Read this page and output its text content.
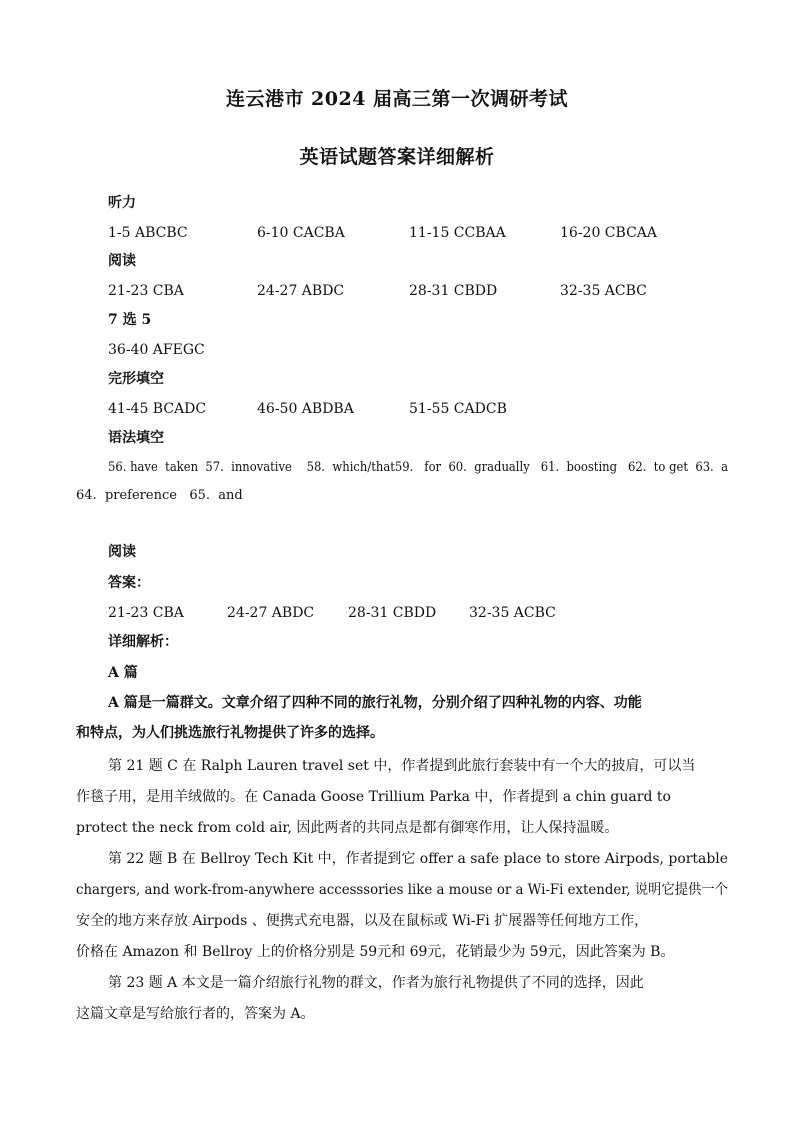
连云港市 2024 届高三第一次调研考试
英语试题答案详细解析
听力
1-5 ABCBC	6-10 CACBA	11-15 CCBAA	16-20 CBCAA
阅读
21-23 CBA	24-27 ABDC	28-31 CBDD	32-35 ACBC
7 选 5
36-40 AFEGC
完形填空
41-45 BCADC	46-50 ABDBA	51-55 CADCB
语法填空
56. have  taken  57.  innovative    58.  which/that59.   for  60.  gradually   61.  boosting   62.  to get  63.  a
64.  preference   65.  and
阅读
答案：
21-23 CBA	24-27 ABDC 28-31 CBDD 32-35 ACBC
详细解析：
A 篇
A 篇是一篇群文。文章介绍了四种不同的旅行礼物，分别介绍了四种礼物的内容、功能
和特点，为人们挑选旅行礼物提供了许多的选择。
第 21 题 C 在 Ralph Lauren travel set 中，作者提到此旅行套装中有一个大的披肩，可以当
作毯子用，是用羊绒做的。在 Canada Goose Trillium Parka 中，作者提到 a chin guard to
protect the neck from cold air, 因此两者的共同点是都有御寒作用，让人保持温暖。
第 22 题 B 在 Bellroy Tech Kit 中，作者提到它 offer a safe place to store Airpods, portable
chargers, and work-from-anywhere accesssories like a mouse or a Wi-Fi extender, 说明它提供一个
安全的地方来存放 Airpods 、便携式充电器，以及在鼠标或 Wi-Fi 扩展器等任何地方工作，
价格在 Amazon 和 Bellroy 上的价格分别是 59元和 69元，花销最少为 59元，因此答案为 B。
第 23 题 A 本文是一篇介绍旅行礼物的群文，作者为旅行礼物提供了不同的选择，因此
这篇文章是写给旅行者的，答案为 A。
